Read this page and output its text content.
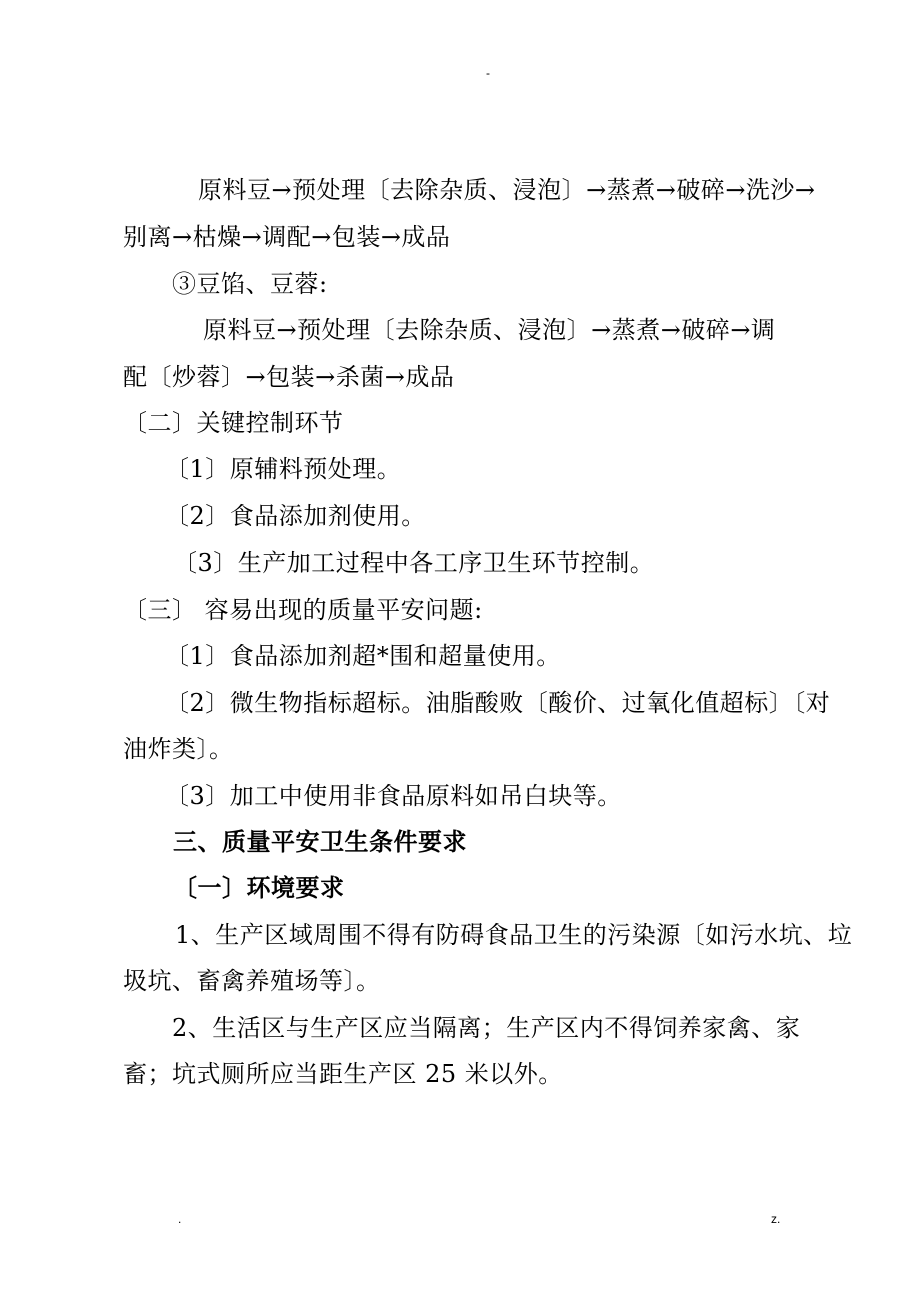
-
原料豆→预处理〔去除杂质、浸泡〕→蒸煮→破碎→洗沙→
别离→枯燥→调配→包装→成品
③豆馅、豆蓉:
原料豆→预处理〔去除杂质、浸泡〕→蒸煮→破碎→调
配〔炒蓉〕→包装→杀菌→成品
〔二〕关键控制环节
〔1〕原辅料预处理。
〔2〕食品添加剂使用。
〔3〕生产加工过程中各工序卫生环节控制。
〔三〕 容易出现的质量平安问题:
〔1〕食品添加剂超*围和超量使用。
〔2〕微生物指标超标。油脂酸败〔酸价、过氧化值超标〕〔对
油炸类〕。
〔3〕加工中使用非食品原料如吊白块等。
三、质量平安卫生条件要求
〔一〕环境要求
1、生产区域周围不得有防碍食品卫生的污染源〔如污水坑、垃
圾坑、畜禽养殖场等〕。
2、生活区与生产区应当隔离；生产区内不得饲养家禽、家
畜；坑式厕所应当距生产区 25 米以外。
.	z.
